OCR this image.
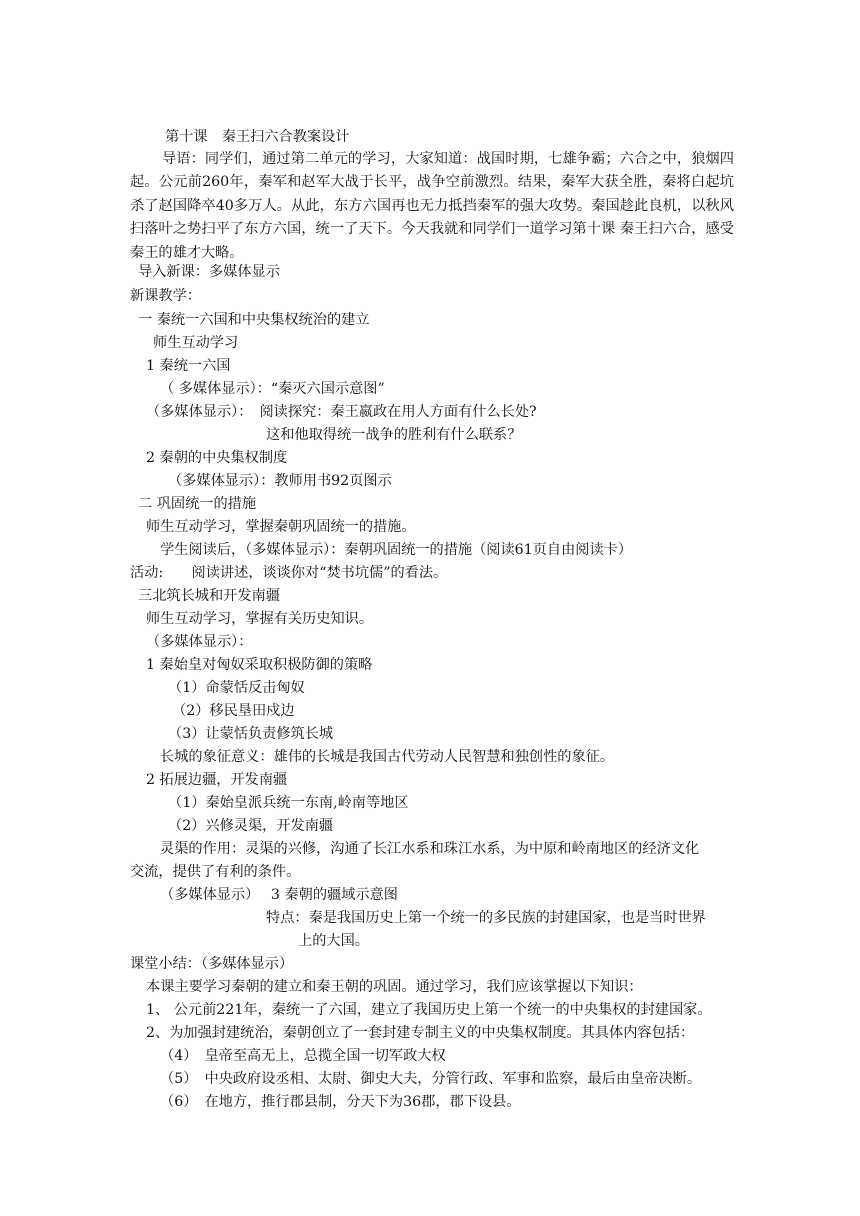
第十课　秦王扫六合教案设计
导语：同学们，通过第二单元的学习，大家知道：战国时期，七雄争霸；六合之中，狼烟四起。公元前260年，秦军和赵军大战于长平，战争空前激烈。结果，秦军大获全胜，秦将白起坑杀了赵国降卒40多万人。从此，东方六国再也无力抵挡秦军的强大攻势。秦国趁此良机，以秋风扫落叶之势扫平了东方六国，统一了天下。今天我就和同学们一道学习第十课 秦王扫六合，感受秦王的雄才大略。
导入新课：多媒体显示
新课教学：
一 秦统一六国和中央集权统治的建立
师生互动学习
1 秦统一六国
（ 多媒体显示）：“秦灭六国示意图”
（多媒体显示）：　阅读探究：秦王嬴政在用人方面有什么长处?
这和他取得统一战争的胜利有什么联系？
2 秦朝的中央集权制度
（多媒体显示）：教师用书92页图示
二 巩固统一的措施
师生互动学习，掌握秦朝巩固统一的措施。
学生阅读后，（多媒体显示）：秦朝巩固统一的措施（阅读61页自由阅读卡）
活动:　　阅读讲述，谈谈你对“焚书坑儒”的看法。
三北筑长城和开发南疆
师生互动学习，掌握有关历史知识。
（多媒体显示）：
1 秦始皇对匈奴采取积极防御的策略
（1）命蒙恬反击匈奴
（2）移民垦田戍边
（3）让蒙恬负责修筑长城
长城的象征意义：雄伟的长城是我国古代劳动人民智慧和独创性的象征。
2 拓展边疆，开发南疆
（1）秦始皇派兵统一东南,岭南等地区
（2）兴修灵渠，开发南疆
灵渠的作用：灵渠的兴修，沟通了长江水系和珠江水系，为中原和岭南地区的经济文化
交流，提供了有利的条件。
（多媒体显示）　 3 秦朝的疆域示意图
特点：秦是我国历史上第一个统一的多民族的封建国家，也是当时世界
上的大国。
课堂小结：（多媒体显示）
本课主要学习秦朝的建立和秦王朝的巩固。通过学习，我们应该掌握以下知识：
1、 公元前221年，秦统一了六国，建立了我国历史上第一个统一的中央集权的封建国家。
2、为加强封建统治，秦朝创立了一套封建专制主义的中央集权制度。其具体内容包括：
（4）　皇帝至高无上，总揽全国一切军政大权
（5）　中央政府设丞相、太尉、御史大夫，分管行政、军事和监察，最后由皇帝决断。
（6）　在地方，推行郡县制，分天下为36郡，郡下设县。
